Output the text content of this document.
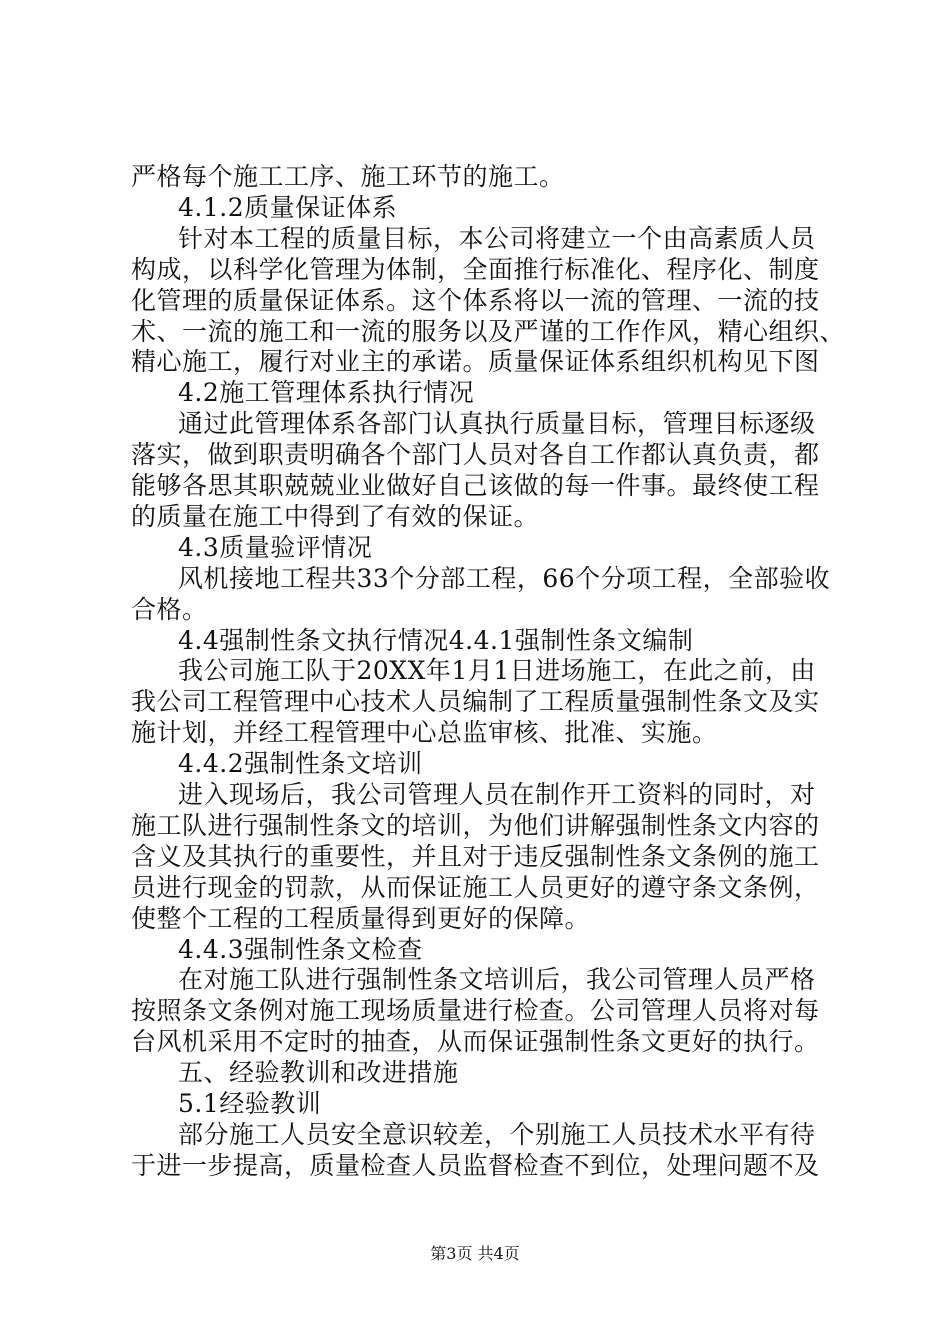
严格每个施工工序、施工环节的施工。
4.1.2质量保证体系
针对本工程的质量目标，本公司将建立一个由高素质人员
构成，以科学化管理为体制，全面推行标准化、程序化、制度
化管理的质量保证体系。这个体系将以一流的管理、一流的技
术、一流的施工和一流的服务以及严谨的工作作风，精心组织、
精心施工，履行对业主的承诺。质量保证体系组织机构见下图
4.2施工管理体系执行情况
通过此管理体系各部门认真执行质量目标，管理目标逐级
落实，做到职责明确各个部门人员对各自工作都认真负责，都
能够各思其职兢兢业业做好自己该做的每一件事。最终使工程
的质量在施工中得到了有效的保证。
4.3质量验评情况
风机接地工程共33个分部工程，66个分项工程，全部验收
合格。
4.4强制性条文执行情况4.4.1强制性条文编制
我公司施工队于20XX年1月1日进场施工，在此之前，由
我公司工程管理中心技术人员编制了工程质量强制性条文及实
施计划，并经工程管理中心总监审核、批准、实施。
4.4.2强制性条文培训
进入现场后，我公司管理人员在制作开工资料的同时，对
施工队进行强制性条文的培训，为他们讲解强制性条文内容的
含义及其执行的重要性，并且对于违反强制性条文条例的施工
员进行现金的罚款，从而保证施工人员更好的遵守条文条例，
使整个工程的工程质量得到更好的保障。
4.4.3强制性条文检查
在对施工队进行强制性条文培训后，我公司管理人员严格
按照条文条例对施工现场质量进行检查。公司管理人员将对每
台风机采用不定时的抽查，从而保证强制性条文更好的执行。
五、经验教训和改进措施
5.1经验教训
部分施工人员安全意识较差，个别施工人员技术水平有待
于进一步提高，质量检查人员监督检查不到位，处理问题不及
第3页 共4页
